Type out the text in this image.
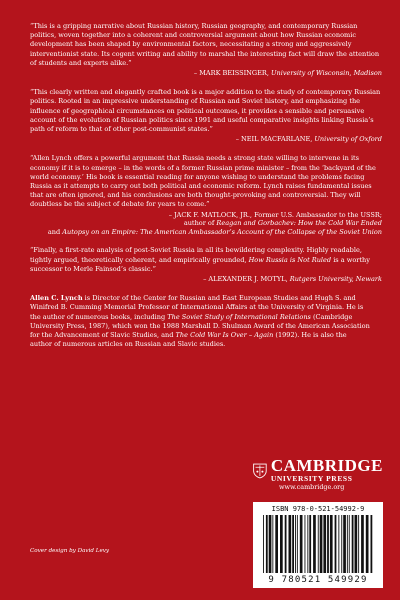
“This is a gripping narrative about Russian history, Russian geography, and contemporary Russian politics, woven together into a coherent and controversial argument about how Russian economic development has been shaped by environmental factors, necessitating a strong and aggressively interventionist state. Its cogent writing and ability to marshal the interesting fact will draw the attention of students and experts alike.”

– MARK BEISSINGER, University of Wisconsin, Madison

“This clearly written and elegantly crafted book is a major addition to the study of contemporary Russian politics. Rooted in an impressive understanding of Russian and Soviet history, and emphasizing the influence of geographical circumstances on political outcomes, it provides a sensible and persuasive account of the evolution of Russian politics since 1991 and useful comparative insights linking Russia’s path of reform to that of other post-communist states.”

– NEIL MACFARLANE, University of Oxford

“Allen Lynch offers a powerful argument that Russia needs a strong state willing to intervene in its economy if it is to emerge – in the words of a former Russian prime minister – from the ‘backyard of the world economy.’ His book is essential reading for anyone wishing to understand the problems facing Russia as it attempts to carry out both political and economic reform. Lynch raises fundamental issues that are often ignored, and his conclusions are both thought-provoking and controversial. They will doubtless be the subject of debate for years to come.”

– JACK F. MATLOCK, JR., Former U.S. Ambassador to the USSR;
author of Reagan and Gorbachev: How the Cold War Ended
and Autopsy on an Empire: The American Ambassador’s Account of the Collapse of the Soviet Union

“Finally, a first-rate analysis of post-Soviet Russia in all its bewildering complexity. Highly readable, tightly argued, theoretically coherent, and empirically grounded, How Russia is Not Ruled is a worthy successor to Merle Fainsod’s classic.”

– ALEXANDER J. MOTYL, Rutgers University, Newark
Allen C. Lynch is Director of the Center for Russian and East European Studies and Hugh S. and Winifred B. Cumming Memorial Professor of International Affairs at the University of Virginia. He is the author of numerous books, including The Soviet Study of International Relations (Cambridge University Press, 1987), which won the 1988 Marshall D. Shulman Award of the American Association for the Advancement of Slavic Studies, and The Cold War Is Over – Again (1992). He is also the author of numerous articles on Russian and Slavic studies.
CAMBRIDGE
UNIVERSITY PRESS
www.cambridge.org
ISBN 978-0-521-54992-9
9 780521 549929
Cover design by David Levy
